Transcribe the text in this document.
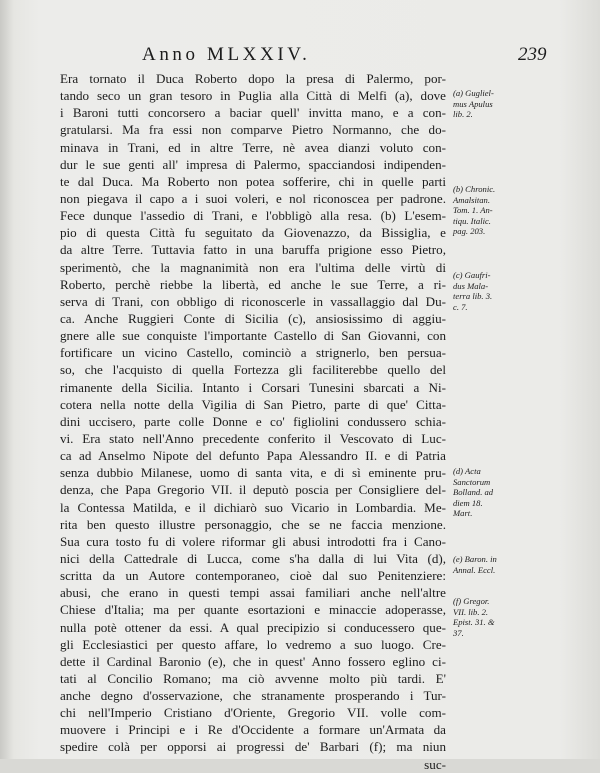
Anno MLXXIV.	239
Era tornato il Duca Roberto dopo la presa di Palermo, por-
tando seco un gran tesoro in Puglia alla Città di Melfi (a), dove
i Baroni tutti concorsero a baciar quell' invitta mano, e a con-
gratularsi. Ma fra essi non comparve Pietro Normanno, che do-
minava in Trani, ed in altre Terre, nè avea dianzi voluto con-
dur le sue genti all' impresa di Palermo, spacciandosi indipenden-
te dal Duca. Ma Roberto non potea sofferire, chi in quelle parti
non piegava il capo a i suoi voleri, e nol riconoscea per padrone.
Fece dunque l'assedio di Trani, e l'obbligò alla resa. (b) L'esem-
pio di questa Città fu seguitato da Giovenazzo, da Bissiglia, e
da altre Terre. Tuttavia fatto in una baruffa prigione esso Pietro,
sperimentò, che la magnanimità non era l'ultima delle virtù di
Roberto, perchè riebbe la libertà, ed anche le sue Terre, a ri-
serva di Trani, con obbligo di riconoscerle in vassallaggio dal Du-
ca. Anche Ruggieri Conte di Sicilia (c), ansiosissimo di aggiu-
gnere alle sue conquiste l'importante Castello di San Giovanni, con
fortificare un vicino Castello, cominciò a strignerlo, ben persua-
so, che l'acquisto di quella Fortezza gli faciliterebbe quello del
rimanente della Sicilia. Intanto i Corsari Tunesini sbarcati a Ni-
cotera nella notte della Vigilia di San Pietro, parte di que' Citta-
dini uccisero, parte colle Donne e co' figliolini condussero schia-
vi. Era stato nell'Anno precedente conferito il Vescovato di Luc-
ca ad Anselmo Nipote del defunto Papa Alessandro II. e di Patria
senza dubbio Milanese, uomo di santa vita, e di sì eminente pru-
denza, che Papa Gregorio VII. il deputò poscia per Consigliere del-
la Contessa Matilda, e il dichiarò suo Vicario in Lombardia. Me-
rita ben questo illustre personaggio, che se ne faccia menzione.
Sua cura tosto fu di volere riformar gli abusi introdotti fra i Cano-
nici della Cattedrale di Lucca, come s'ha dalla di lui Vita (d),
scritta da un Autore contemporaneo, cioè dal suo Penitenziere:
abusi, che erano in questi tempi assai familiari anche nell'altre
Chiese d'Italia; ma per quante esortazioni e minaccie adoperasse,
nulla potè ottener da essi. A qual precipizio si conducessero que-
gli Ecclesiastici per questo affare, lo vedremo a suo luogo. Cre-
dette il Cardinal Baronio (e), che in quest' Anno fossero eglino ci-
tati al Concilio Romano; ma ciò avvenne molto più tardi. E'
anche degno d'osservazione, che stranamente prosperando i Tur-
chi nell'Imperio Cristiano d'Oriente, Gregorio VII. volle com-
muovere i Principi e i Re d'Occidente a formare un'Armata da
spedire colà per opporsi ai progressi de' Barbari (f); ma niun
suc-
(a) Gugliel-
mus Apulus
lib. 2.
(b) Chronic.
Amalsitan.
Tom. 1. An-
tiqu. Italic.
pag. 203.
(c) Gaufri-
dus Mala-
terra lib. 3.
c. 7.
(d) Acta
Sanctorum
Bolland. ad
diem 18.
Mart.
(e) Baron. in
Annal. Eccl.
(f) Gregor.
VII. lib. 2.
Epist. 31. &
37.
